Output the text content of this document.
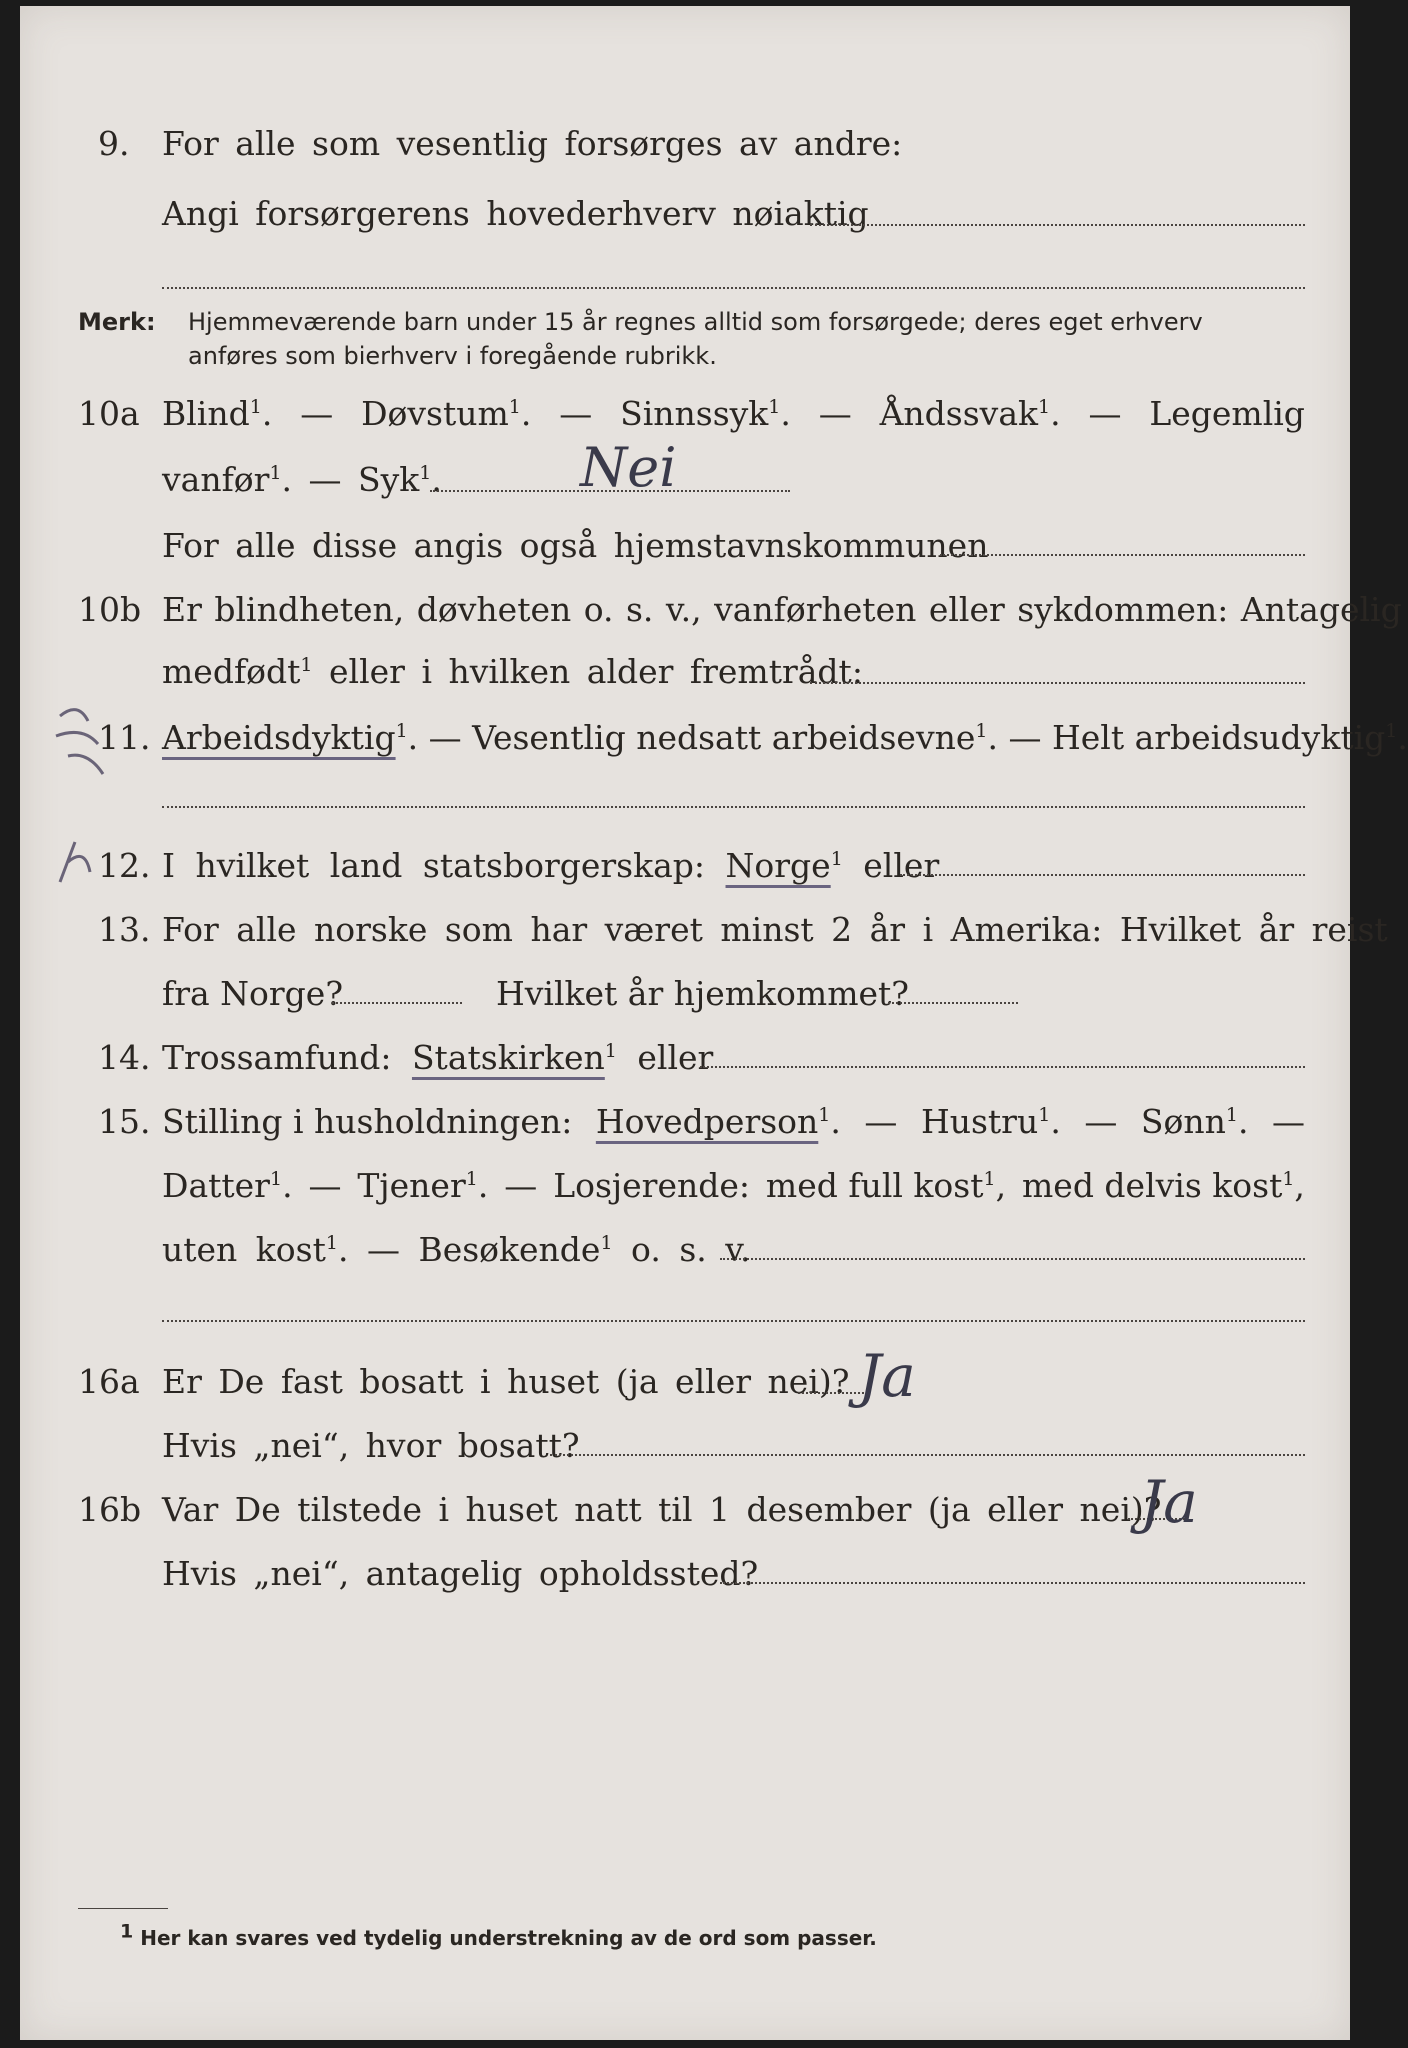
9. For alle som vesentlig forsørges av andre:
Angi forsørgerens hovederhverv nøiaktig
Merk: Hjemmeværende barn under 15 år regnes alltid som forsørgede; deres eget erhverv
anføres som bierhverv i foregående rubrikk.
10a Blind$^1$. — Døvstum$^1$. — Sinnssyk$^1$. — Åndssvak$^1$. — Legemlig
vanfør$^1$. — Syk$^1$.	Nei
For alle disse angis også hjemstavnskommunen
10b Er blindheten, døvheten o. s. v., vanførheten eller sykdommen: Antagelig
medfødt$^1$ eller i hvilken alder fremtrådt:
11. Arbeidsdyktig$^1$. — Vesentlig nedsatt arbeidsevne$^1$. — Helt arbeidsudyktig$^1$.
12. I hvilket land statsborgerskap: Norge$^1$ eller
13. For alle norske som har været minst 2 år i Amerika: Hvilket år reist
fra Norge?	Hvilket år hjemkommet?
14. Trossamfund: Statskirken$^1$ eller
15. Stilling i husholdningen: Hovedperson$^1$. — Hustru$^1$. — Sønn$^1$. —
Datter$^1$. — Tjener$^1$. — Losjerende: med full kost$^1$, med delvis kost$^1$,
uten kost$^1$. — Besøkende$^1$ o. s. v.
16a Er De fast bosatt i huset (ja eller nei)? Ja
Hvis „nei“, hvor bosatt?
16b Var De tilstede i huset natt til 1 desember (ja eller nei)?
Ja
Hvis „nei“, antagelig opholdssted?
1 Her kan svares ved tydelig understrekning av de ord som passer.
